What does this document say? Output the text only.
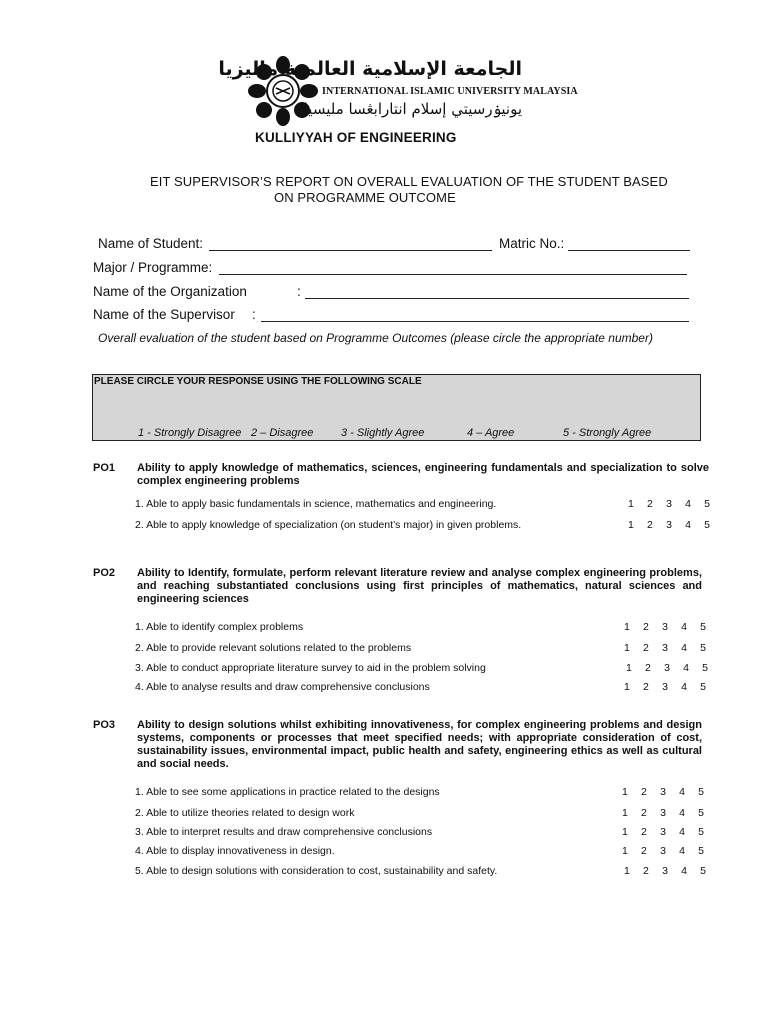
الجامعة الإسلامية العالمية ماليزيا
INTERNATIONAL ISLAMIC UNIVERSITY MALAYSIA
يونيۏرسيتي إسلام انتارابڠسا مليسيا
KULLIYYAH OF ENGINEERING
EIT SUPERVISOR’S REPORT ON OVERALL EVALUATION OF THE STUDENT BASED
ON PROGRAMME OUTCOME
Name of Student:	Matric No.:
Major / Programme:
Name of the Organization	:
Name of the Supervisor :
Overall evaluation of the student based on Programme Outcomes (please circle the appropriate number)
PLEASE CIRCLE YOUR RESPONSE USING THE FOLLOWING SCALE
1 - Strongly Disagree 2 – Disagree	3 - Slightly Agree	4 – Agree	5 - Strongly Agree
PO1 Ability to apply knowledge of mathematics, sciences, engineering fundamentals and specialization to solve complex engineering problems
1. Able to apply basic fundamentals in science, mathematics and engineering.	1 2 3 4 5
2. Able to apply knowledge of specialization (on student’s major) in given problems.	1 2 3 4 5
PO2 Ability to Identify, formulate, perform relevant literature review and analyse complex engineering problems, and reaching substantiated conclusions using first principles of mathematics, natural sciences and engineering sciences
1. Able to identify complex problems	1 2 3 4 5
2. Able to provide relevant solutions related to the problems	1 2 3 4 5
3. Able to conduct appropriate literature survey to aid in the problem solving	1 2 3 4 5
4. Able to analyse results and draw comprehensive conclusions	1 2 3 4 5
PO3 Ability to design solutions whilst exhibiting innovativeness, for complex engineering problems and design systems, components or processes that meet specified needs; with appropriate consideration of cost, sustainability issues, environmental impact, public health and safety, engineering ethics as well as cultural and social needs.
1. Able to see some applications in practice related to the designs	1 2 3 4 5
2. Able to utilize theories related to design work	1 2 3 4 5
3. Able to interpret results and draw comprehensive conclusions	1 2 3 4 5
4. Able to display innovativeness in design.	1 2 3 4 5
5. Able to design solutions with consideration to cost, sustainability and safety.	1 2 3 4 5
